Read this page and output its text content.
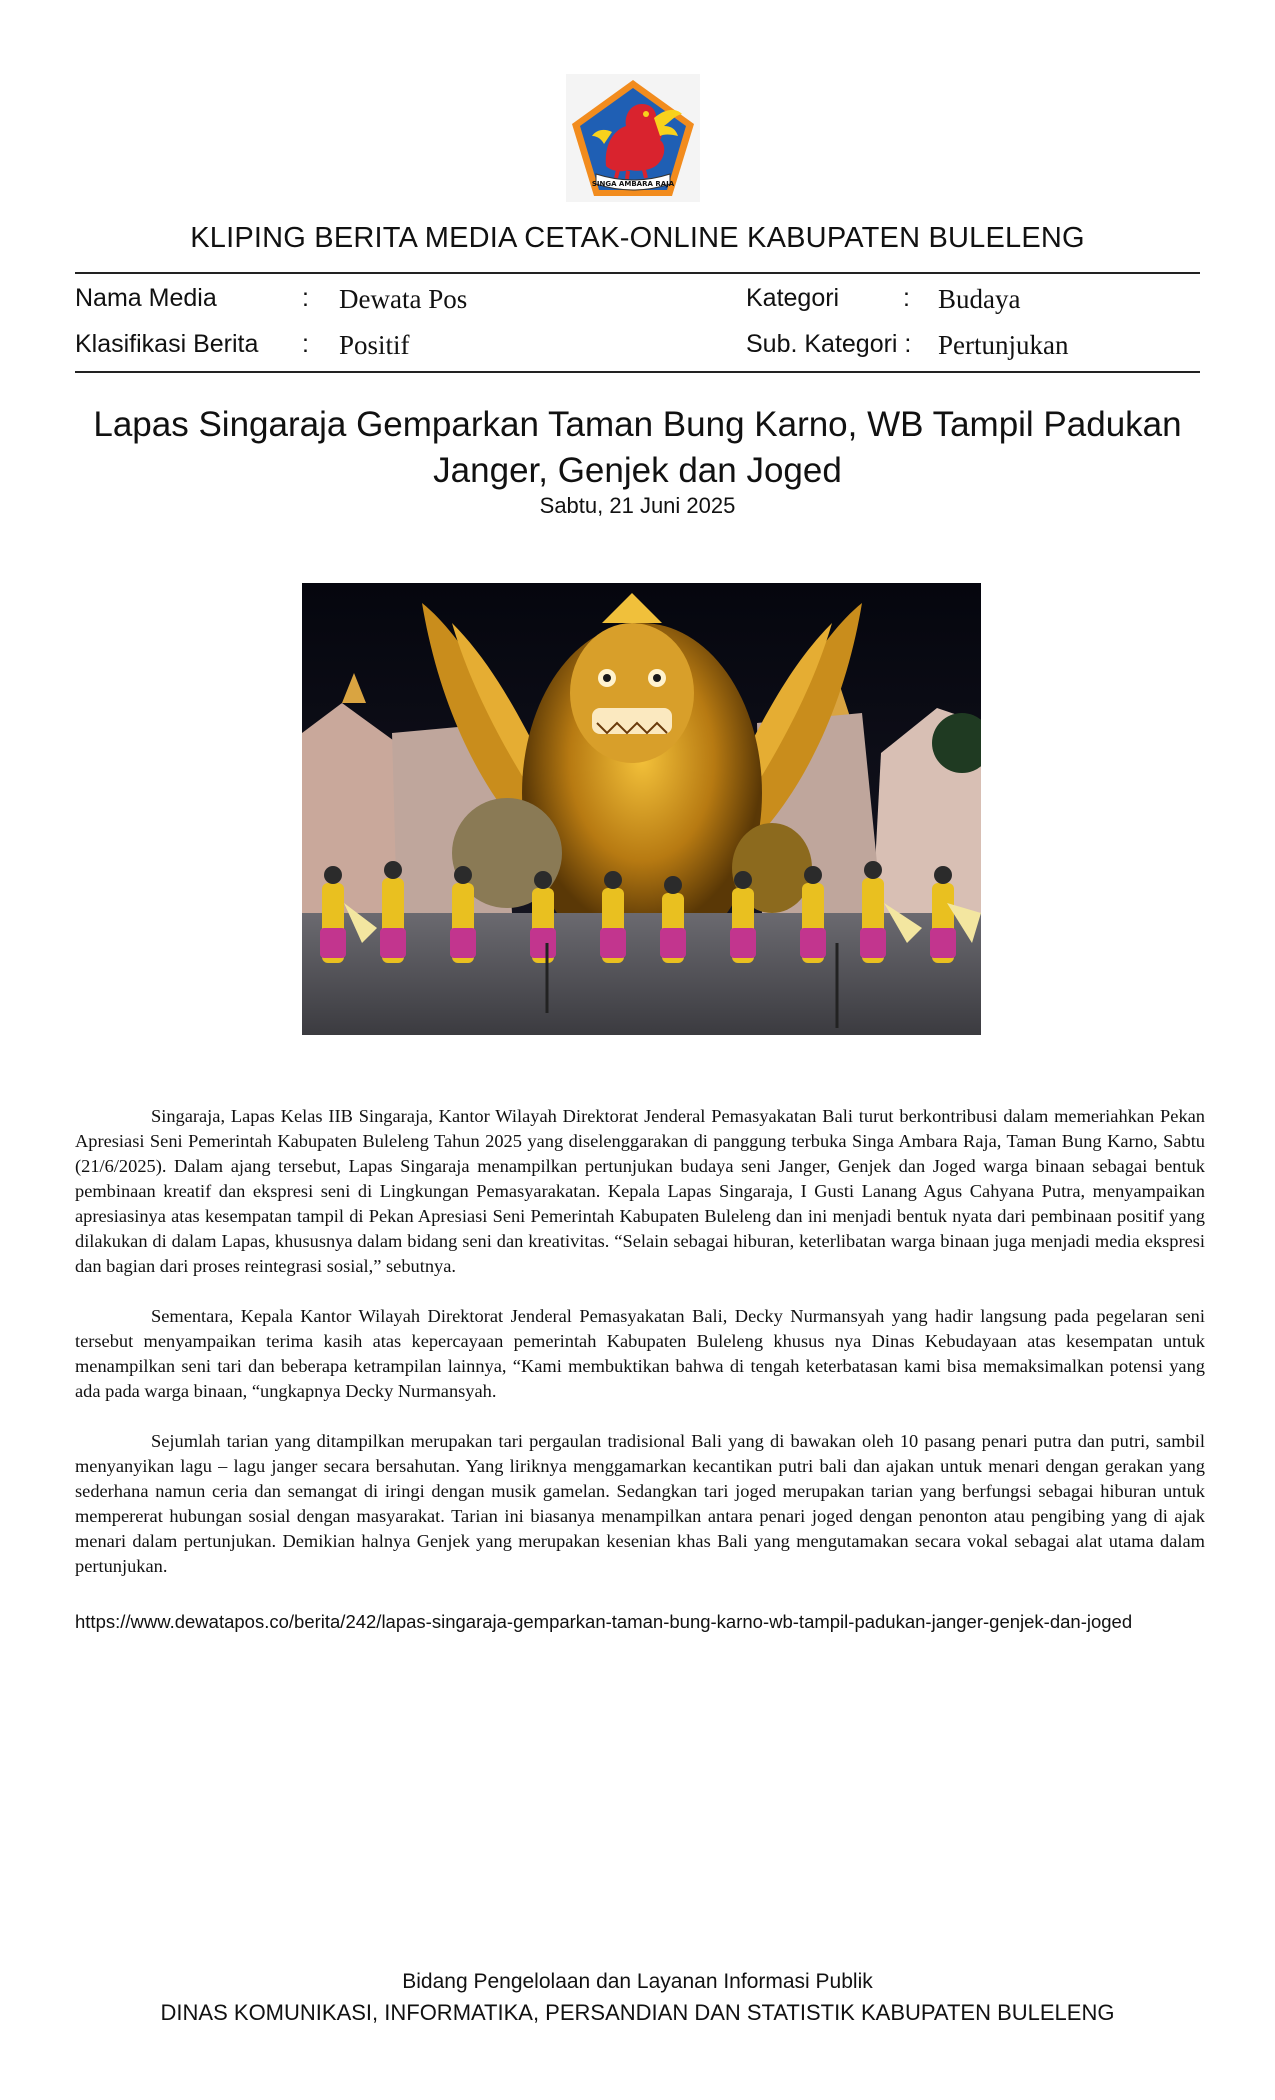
SINGA AMBARA RAJA
KLIPING BERITA MEDIA CETAK-ONLINE KABUPATEN BULELENG
Nama Media	: Dewata Pos	Kategori	: Budaya
Klasifikasi Berita : Positif	Sub. Kategori : Pertunjukan
Lapas Singaraja Gemparkan Taman Bung Karno, WB Tampil Padukan Janger, Genjek dan Joged
Sabtu, 21 Juni 2025

Singaraja, Lapas Kelas IIB Singaraja, Kantor Wilayah Direktorat Jenderal Pemasyakatan Bali turut berkontribusi dalam memeriahkan Pekan Apresiasi Seni Pemerintah Kabupaten Buleleng Tahun 2025 yang diselenggarakan di panggung terbuka Singa Ambara Raja, Taman Bung Karno, Sabtu (21/6/2025). Dalam ajang tersebut, Lapas Singaraja menampilkan pertunjukan budaya seni Janger, Genjek dan Joged warga binaan sebagai bentuk pembinaan kreatif dan ekspresi seni di Lingkungan Pemasyarakatan. Kepala Lapas Singaraja, I Gusti Lanang Agus Cahyana Putra, menyampaikan apresiasinya atas kesempatan tampil di Pekan Apresiasi Seni Pemerintah Kabupaten Buleleng dan ini menjadi bentuk nyata dari pembinaan positif yang dilakukan di dalam Lapas, khususnya dalam bidang seni dan kreativitas. “Selain sebagai hiburan, keterlibatan warga binaan juga menjadi media ekspresi dan bagian dari proses reintegrasi sosial,” sebutnya.

Sementara, Kepala Kantor Wilayah Direktorat Jenderal Pemasyakatan Bali, Decky Nurmansyah yang hadir langsung pada pegelaran seni tersebut menyampaikan terima kasih atas kepercayaan pemerintah Kabupaten Buleleng khusus nya Dinas Kebudayaan atas kesempatan untuk menampilkan seni tari dan beberapa ketrampilan lainnya, “Kami membuktikan bahwa di tengah keterbatasan kami bisa memaksimalkan potensi yang ada pada warga binaan, “ungkapnya Decky Nurmansyah.

Sejumlah tarian yang ditampilkan merupakan tari pergaulan tradisional Bali yang di bawakan oleh 10 pasang penari putra dan putri, sambil menyanyikan lagu – lagu janger secara bersahutan. Yang liriknya menggamarkan kecantikan putri bali dan ajakan untuk menari dengan gerakan yang sederhana namun ceria dan semangat di iringi dengan musik gamelan. Sedangkan tari joged merupakan tarian yang berfungsi sebagai hiburan untuk mempererat hubungan sosial dengan masyarakat. Tarian ini biasanya menampilkan antara penari joged dengan penonton atau pengibing yang di ajak menari dalam pertunjukan. Demikian halnya Genjek yang merupakan kesenian khas Bali yang mengutamakan secara vokal sebagai alat utama dalam pertunjukan.

https://www.dewatapos.co/berita/242/lapas-singaraja-gemparkan-taman-bung-karno-wb-tampil-padukan-janger-genjek-dan-joged
Bidang Pengelolaan dan Layanan Informasi Publik
DINAS KOMUNIKASI, INFORMATIKA, PERSANDIAN DAN STATISTIK KABUPATEN BULELENG
